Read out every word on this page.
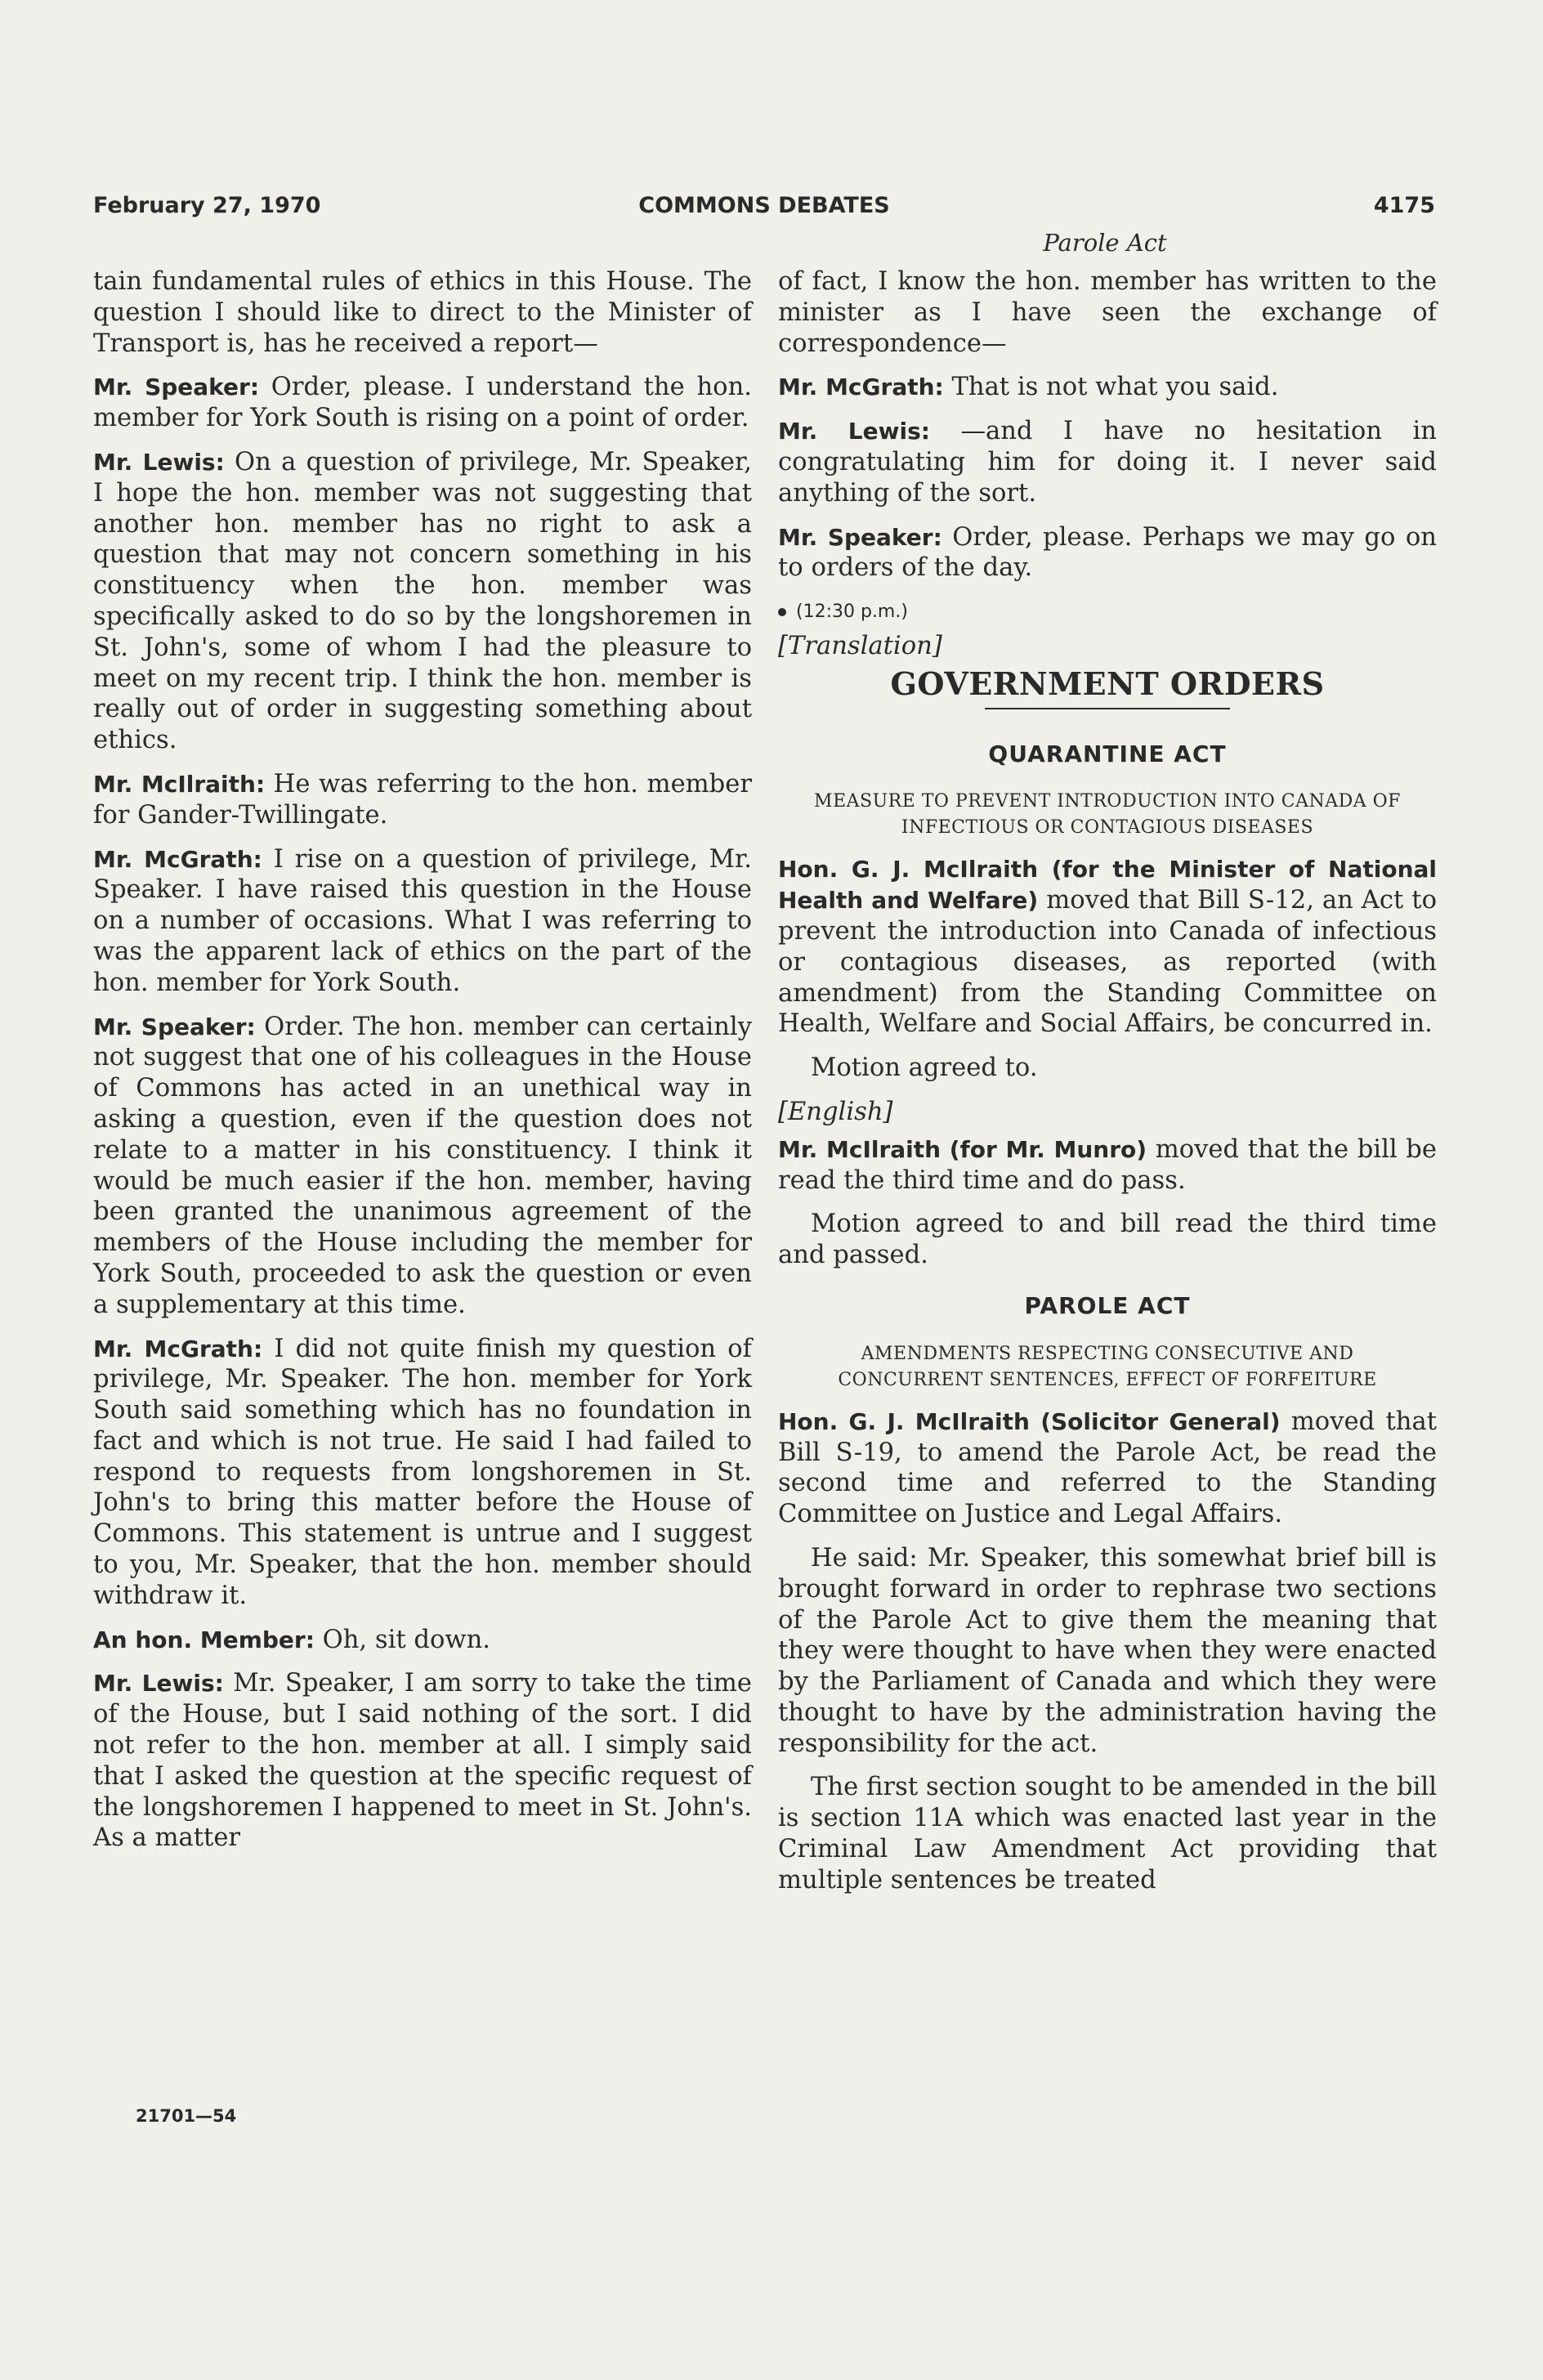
February 27, 1970	COMMONS DEBATES	4175
Parole Act

tain fundamental rules of ethics in this House. The question I should like to direct to the Minister of Transport is, has he received a report—

Mr. Speaker: Order, please. I understand the hon. member for York South is rising on a point of order.

Mr. Lewis: On a question of privilege, Mr. Speaker, I hope the hon. member was not suggesting that another hon. member has no right to ask a question that may not concern something in his constituency when the hon. member was specifically asked to do so by the longshoremen in St. John's, some of whom I had the pleasure to meet on my recent trip. I think the hon. member is really out of order in suggesting something about ethics.

Mr. McIlraith: He was referring to the hon. member for Gander-Twillingate.

Mr. McGrath: I rise on a question of privilege, Mr. Speaker. I have raised this question in the House on a number of occasions. What I was referring to was the apparent lack of ethics on the part of the hon. member for York South.

Mr. Speaker: Order. The hon. member can certainly not suggest that one of his colleagues in the House of Commons has acted in an unethical way in asking a question, even if the question does not relate to a matter in his constituency. I think it would be much easier if the hon. member, having been granted the unanimous agreement of the members of the House including the member for York South, proceeded to ask the question or even a supplementary at this time.

Mr. McGrath: I did not quite finish my question of privilege, Mr. Speaker. The hon. member for York South said something which has no foundation in fact and which is not true. He said I had failed to respond to requests from longshoremen in St. John's to bring this matter before the House of Commons. This statement is untrue and I suggest to you, Mr. Speaker, that the hon. member should withdraw it.

An hon. Member: Oh, sit down.

Mr. Lewis: Mr. Speaker, I am sorry to take the time of the House, but I said nothing of the sort. I did not refer to the hon. member at all. I simply said that I asked the question at the specific request of the longshoremen I happened to meet in St. John's. As a matter

of fact, I know the hon. member has written to the minister as I have seen the exchange of correspondence—

Mr. McGrath: That is not what you said.

Mr. Lewis: —and I have no hesitation in congratulating him for doing it. I never said anything of the sort.

Mr. Speaker: Order, please. Perhaps we may go on to orders of the day.

(12:30 p.m.)
[Translation]
GOVERNMENT ORDERS
QUARANTINE ACT
MEASURE TO PREVENT INTRODUCTION INTO CANADA OF INFECTIOUS OR CONTAGIOUS DISEASES

Hon. G. J. McIlraith (for the Minister of National Health and Welfare) moved that Bill S-12, an Act to prevent the introduction into Canada of infectious or contagious diseases, as reported (with amendment) from the Standing Committee on Health, Welfare and Social Affairs, be concurred in.

Motion agreed to.

[English]

Mr. McIlraith (for Mr. Munro) moved that the bill be read the third time and do pass.

Motion agreed to and bill read the third time and passed.

PAROLE ACT
AMENDMENTS RESPECTING CONSECUTIVE AND CONCURRENT SENTENCES, EFFECT OF FORFEITURE

Hon. G. J. McIlraith (Solicitor General) moved that Bill S-19, to amend the Parole Act, be read the second time and referred to the Standing Committee on Justice and Legal Affairs.

He said: Mr. Speaker, this somewhat brief bill is brought forward in order to rephrase two sections of the Parole Act to give them the meaning that they were thought to have when they were enacted by the Parliament of Canada and which they were thought to have by the administration having the responsibility for the act.

The first section sought to be amended in the bill is section 11A which was enacted last year in the Criminal Law Amendment Act providing that multiple sentences be treated

21701—54
